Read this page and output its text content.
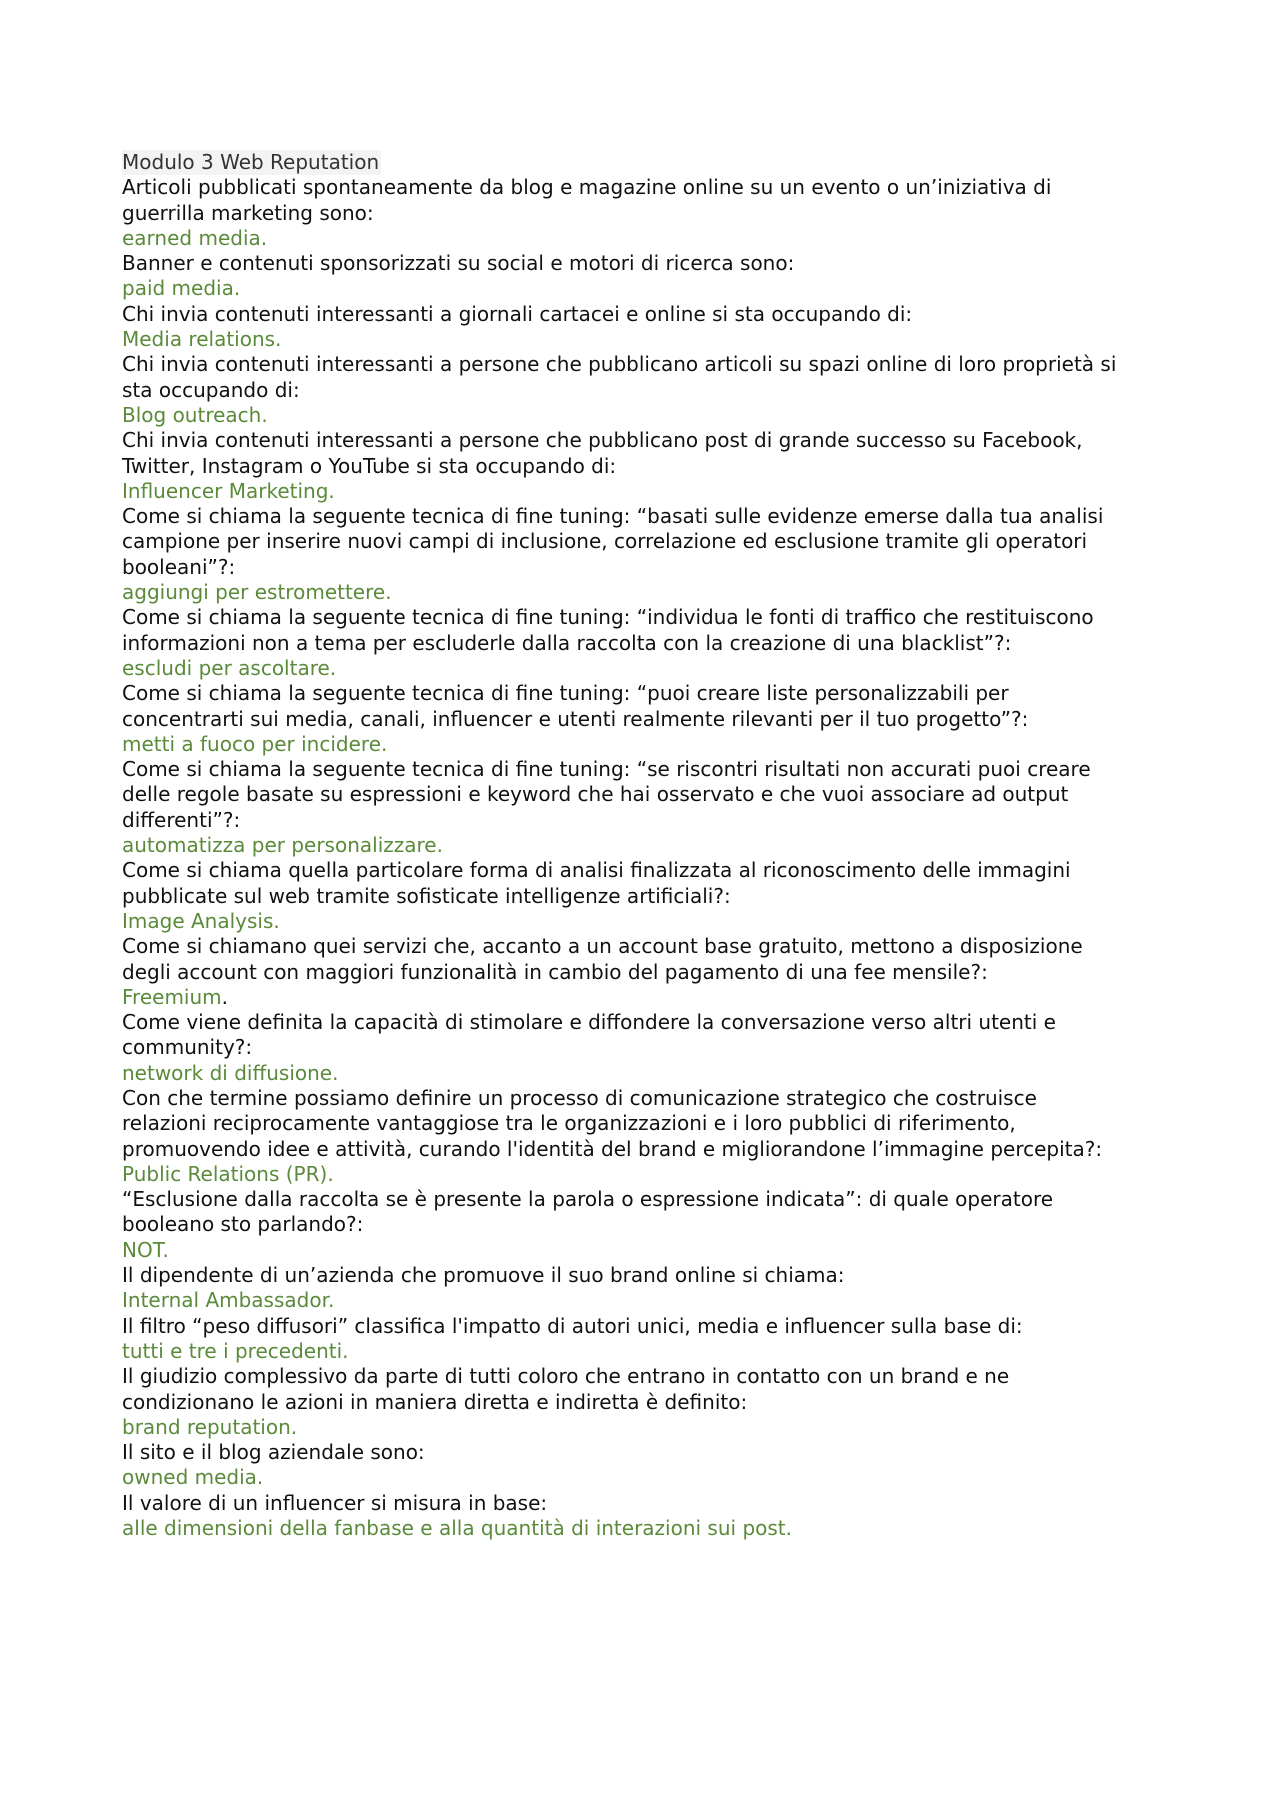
Modulo 3 Web Reputation
Articoli pubblicati spontaneamente da blog e magazine online su un evento o un’iniziativa di guerrilla marketing sono:
earned media.
Banner e contenuti sponsorizzati su social e motori di ricerca sono:
paid media.
Chi invia contenuti interessanti a giornali cartacei e online si sta occupando di:
Media relations.
Chi invia contenuti interessanti a persone che pubblicano articoli su spazi online di loro proprietà si sta occupando di:
Blog outreach.
Chi invia contenuti interessanti a persone che pubblicano post di grande successo su Facebook, Twitter, Instagram o YouTube si sta occupando di:
Influencer Marketing.
Come si chiama la seguente tecnica di fine tuning: “basati sulle evidenze emerse dalla tua analisi campione per inserire nuovi campi di inclusione, correlazione ed esclusione tramite gli operatori booleani”?:
aggiungi per estromettere.
Come si chiama la seguente tecnica di fine tuning: “individua le fonti di traffico che restituiscono informazioni non a tema per escluderle dalla raccolta con la creazione di una blacklist”?:
escludi per ascoltare.
Come si chiama la seguente tecnica di fine tuning: “puoi creare liste personalizzabili per concentrarti sui media, canali, influencer e utenti realmente rilevanti per il tuo progetto”?:
metti a fuoco per incidere.
Come si chiama la seguente tecnica di fine tuning: “se riscontri risultati non accurati puoi creare delle regole basate su espressioni e keyword che hai osservato e che vuoi associare ad output differenti”?:
automatizza per personalizzare.
Come si chiama quella particolare forma di analisi finalizzata al riconoscimento delle immagini pubblicate sul web tramite sofisticate intelligenze artificiali?:
Image Analysis.
Come si chiamano quei servizi che, accanto a un account base gratuito, mettono a disposizione degli account con maggiori funzionalità in cambio del pagamento di una fee mensile?:
Freemium.
Come viene definita la capacità di stimolare e diffondere la conversazione verso altri utenti e community?:
network di diffusione.
Con che termine possiamo definire un processo di comunicazione strategico che costruisce relazioni reciprocamente vantaggiose tra le organizzazioni e i loro pubblici di riferimento, promuovendo idee e attività, curando l'identità del brand e migliorandone l’immagine percepita?:
Public Relations (PR).
“Esclusione dalla raccolta se è presente la parola o espressione indicata”: di quale operatore booleano sto parlando?:
NOT.
Il dipendente di un’azienda che promuove il suo brand online si chiama:
Internal Ambassador.
Il filtro “peso diffusori” classifica l'impatto di autori unici, media e influencer sulla base di:
tutti e tre i precedenti.
Il giudizio complessivo da parte di tutti coloro che entrano in contatto con un brand e ne condizionano le azioni in maniera diretta e indiretta è definito:
brand reputation.
Il sito e il blog aziendale sono:
owned media.
Il valore di un influencer si misura in base:
alle dimensioni della fanbase e alla quantità di interazioni sui post.
